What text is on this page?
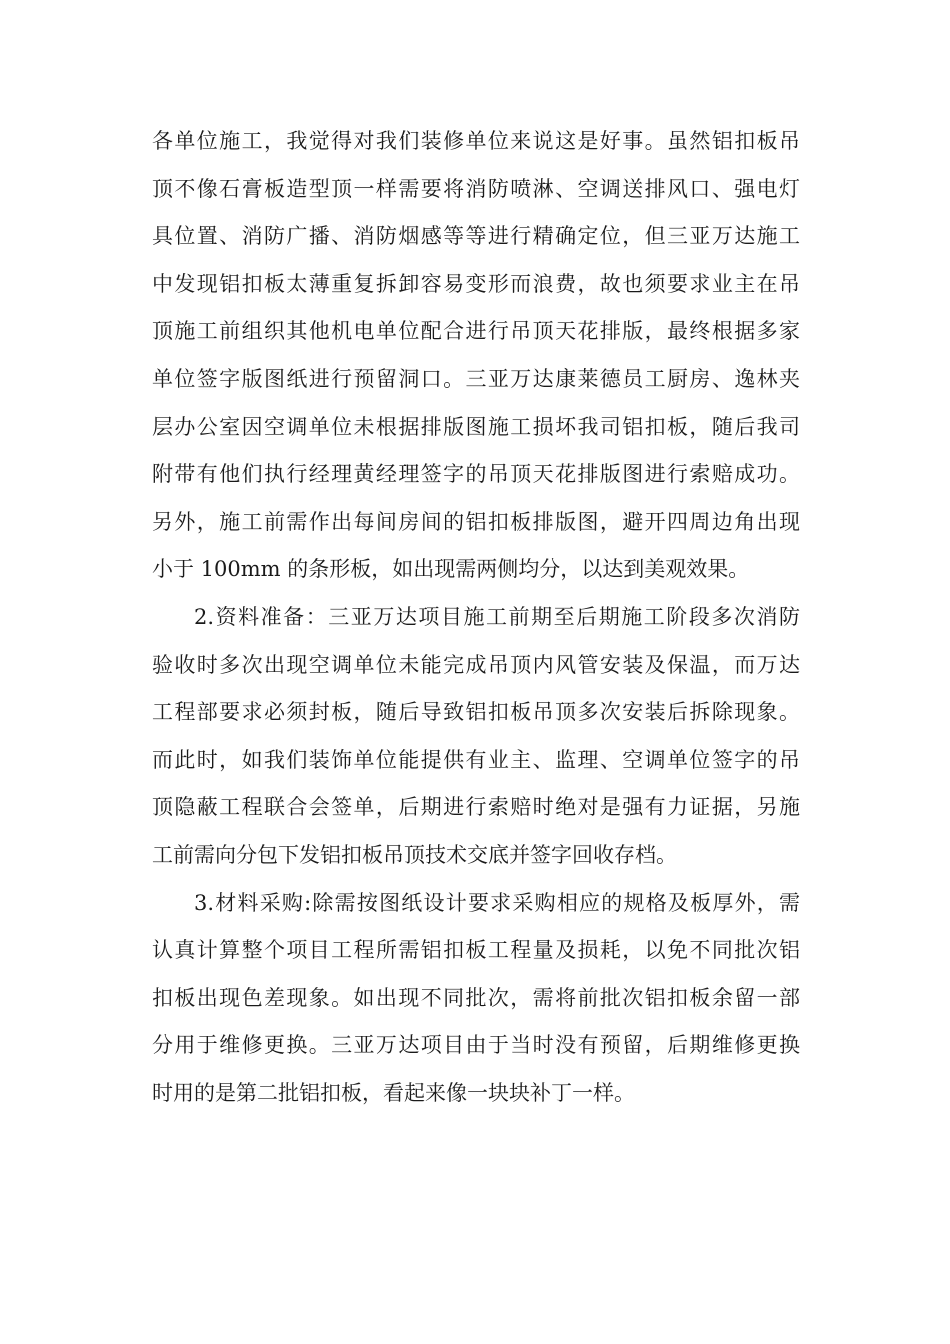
各单位施工，我觉得对我们装修单位来说这是好事。虽然铝扣板吊
顶不像石膏板造型顶一样需要将消防喷淋、空调送排风口、强电灯
具位置、消防广播、消防烟感等等进行精确定位，但三亚万达施工
中发现铝扣板太薄重复拆卸容易变形而浪费，故也须要求业主在吊
顶施工前组织其他机电单位配合进行吊顶天花排版，最终根据多家
单位签字版图纸进行预留洞口。三亚万达康莱德员工厨房、逸林夹
层办公室因空调单位未根据排版图施工损坏我司铝扣板，随后我司
附带有他们执行经理黄经理签字的吊顶天花排版图进行索赔成功。
另外，施工前需作出每间房间的铝扣板排版图，避开四周边角出现
小于 100mm 的条形板，如出现需两侧均分，以达到美观效果。
2.资料准备：三亚万达项目施工前期至后期施工阶段多次消防
验收时多次出现空调单位未能完成吊顶内风管安装及保温，而万达
工程部要求必须封板，随后导致铝扣板吊顶多次安装后拆除现象。
而此时，如我们装饰单位能提供有业主、监理、空调单位签字的吊
顶隐蔽工程联合会签单，后期进行索赔时绝对是强有力证据，另施
工前需向分包下发铝扣板吊顶技术交底并签字回收存档。
3.材料采购:除需按图纸设计要求采购相应的规格及板厚外，需
认真计算整个项目工程所需铝扣板工程量及损耗，以免不同批次铝
扣板出现色差现象。如出现不同批次，需将前批次铝扣板余留一部
分用于维修更换。三亚万达项目由于当时没有预留，后期维修更换
时用的是第二批铝扣板，看起来像一块块补丁一样。
